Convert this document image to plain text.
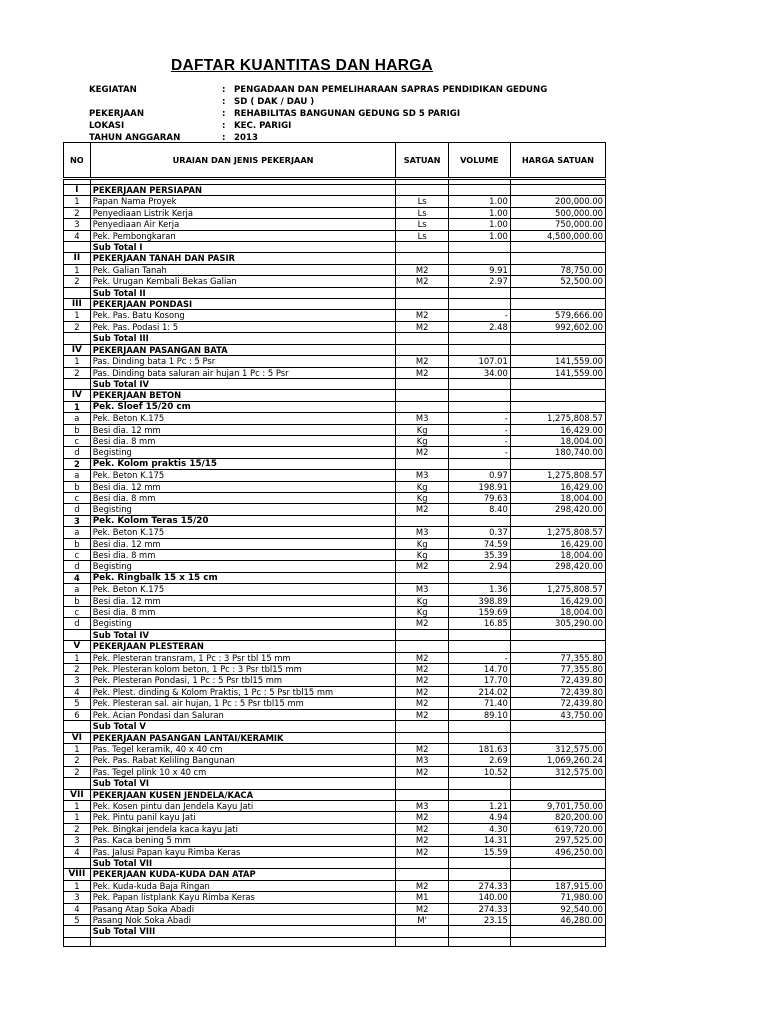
DAFTAR KUANTITAS DAN HARGA
KEGIATAN	: PENGADAAN DAN PEMELIHARAAN SAPRAS PENDIDIKAN GEDUNG
: SD ( DAK / DAU )
PEKERJAAN	: REHABILITAS BANGUNAN GEDUNG SD 5 PARIGI
LOKASI	: KEC. PARIGI
TAHUN ANGGARAN	: 2013
NO	URAIAN DAN JENIS PEKERJAAN	SATUAN	VOLUME	HARGA SATUAN

I	PEKERJAAN PERSIAPAN			
1	Papan Nama Proyek	Ls	1.00	200,000.00
2	Penyediaan Listrik Kerja	Ls	1.00	500,000.00
3	Penyediaan Air Kerja	Ls	1.00	750,000.00
4	Pek. Pembongkaran	Ls	1.00	4,500,000.00
	Sub Total I			
II	PEKERJAAN TANAH DAN PASIR			
1	Pek. Galian Tanah	M2	9.91	78,750.00
2	Pek. Urugan Kembali Bekas Galian	M2	2.97	52,500.00
	Sub Total II			
III	PEKERJAAN PONDASI			
1	Pek. Pas. Batu Kosong	M2	-	579,666.00
2	Pek. Pas. Podasi 1: 5	M2	2.48	992,602.00
	Sub Total III			
IV	PEKERJAAN PASANGAN BATA			
1	Pas. Dinding bata 1 Pc : 5 Psr	M2	107.01	141,559.00
2	Pas. Dinding bata saluran air hujan 1 Pc : 5 Psr	M2	34.00	141,559.00
	Sub Total IV			
IV	PEKERJAAN BETON			
1	Pek. Sloef 15/20 cm			
a	Pek. Beton K.175	M3	-	1,275,808.57
b	Besi dia. 12 mm	Kg	-	16,429.00
c	Besi dia. 8 mm	Kg	-	18,004.00
d	Begisting	M2	-	180,740.00
2	Pek. Kolom praktis 15/15			
a	Pek. Beton K.175	M3	0.97	1,275,808.57
b	Besi dia. 12 mm	Kg	198.91	16,429.00
c	Besi dia. 8 mm	Kg	79.63	18,004.00
d	Begisting	M2	8.40	298,420.00
3	Pek. Kolom Teras 15/20			
a	Pek. Beton K.175	M3	0.37	1,275,808.57
b	Besi dia. 12 mm	Kg	74.59	16,429.00
c	Besi dia. 8 mm	Kg	35.39	18,004.00
d	Begisting	M2	2.94	298,420.00
4	Pek. Ringbalk 15 x 15 cm			
a	Pek. Beton K.175	M3	1.36	1,275,808.57
b	Besi dia. 12 mm	Kg	398.89	16,429.00
c	Besi dia. 8 mm	Kg	159.69	18,004.00
d	Begisting	M2	16.85	305,290.00
	Sub Total IV			
V	PEKERJAAN PLESTERAN			
1	Pek. Plesteran transram, 1 Pc : 3 Psr tbl 15 mm	M2	-	77,355.80
2	Pek. Plesteran kolom beton, 1 Pc : 3 Psr tbl15 mm	M2	14.70	77,355.80
3	Pek. Plesteran Pondasi, 1 Pc : 5 Psr tbl15 mm	M2	17.70	72,439.80
4	Pek. Plest. dinding & Kolom Praktis, 1 Pc : 5 Psr tbl15 mm	M2	214.02	72,439.80
5	Pek. Plesteran sal. air hujan, 1 Pc : 5 Psr tbl15 mm	M2	71.40	72,439.80
6	Pek. Acian Pondasi dan Saluran	M2	89.10	43,750.00
	Sub Total V			
VI	PEKERJAAN PASANGAN LANTAI/KERAMIK			
1	Pas. Tegel keramik, 40 x 40 cm	M2	181.63	312,575.00
2	Pek. Pas. Rabat Keliling Bangunan	M3	2.69	1,069,260.24
2	Pas. Tegel plink 10 x 40 cm	M2	10.52	312,575.00
	Sub Total VI			
VII	PEKERJAAN KUSEN JENDELA/KACA			
1	Pek. Kosen pintu dan Jendela Kayu Jati	M3	1.21	9,701,750.00
1	Pek. Pintu panil kayu Jati	M2	4.94	820,200.00
2	Pek. Bingkai jendela kaca kayu Jati	M2	4.30	619,720.00
3	Pas. Kaca bening 5 mm	M2	14.31	297,525.00
4	Pas. Jalusi Papan kayu Rimba Keras	M2	15.59	496,250.00
	Sub Total VII			
VIII	PEKERJAAN KUDA-KUDA DAN ATAP			
1	Pek. Kuda-kuda Baja Ringan	M2	274.33	187,915.00
3	Pek. Papan listplank Kayu Rimba Keras	M1	140.00	71,980.00
4	Pasang Atap Soka Abadi	M2	274.33	92,540.00
5	Pasang Nok Soka Abadi	M'	23.15	46,280.00
	Sub Total VIII			
